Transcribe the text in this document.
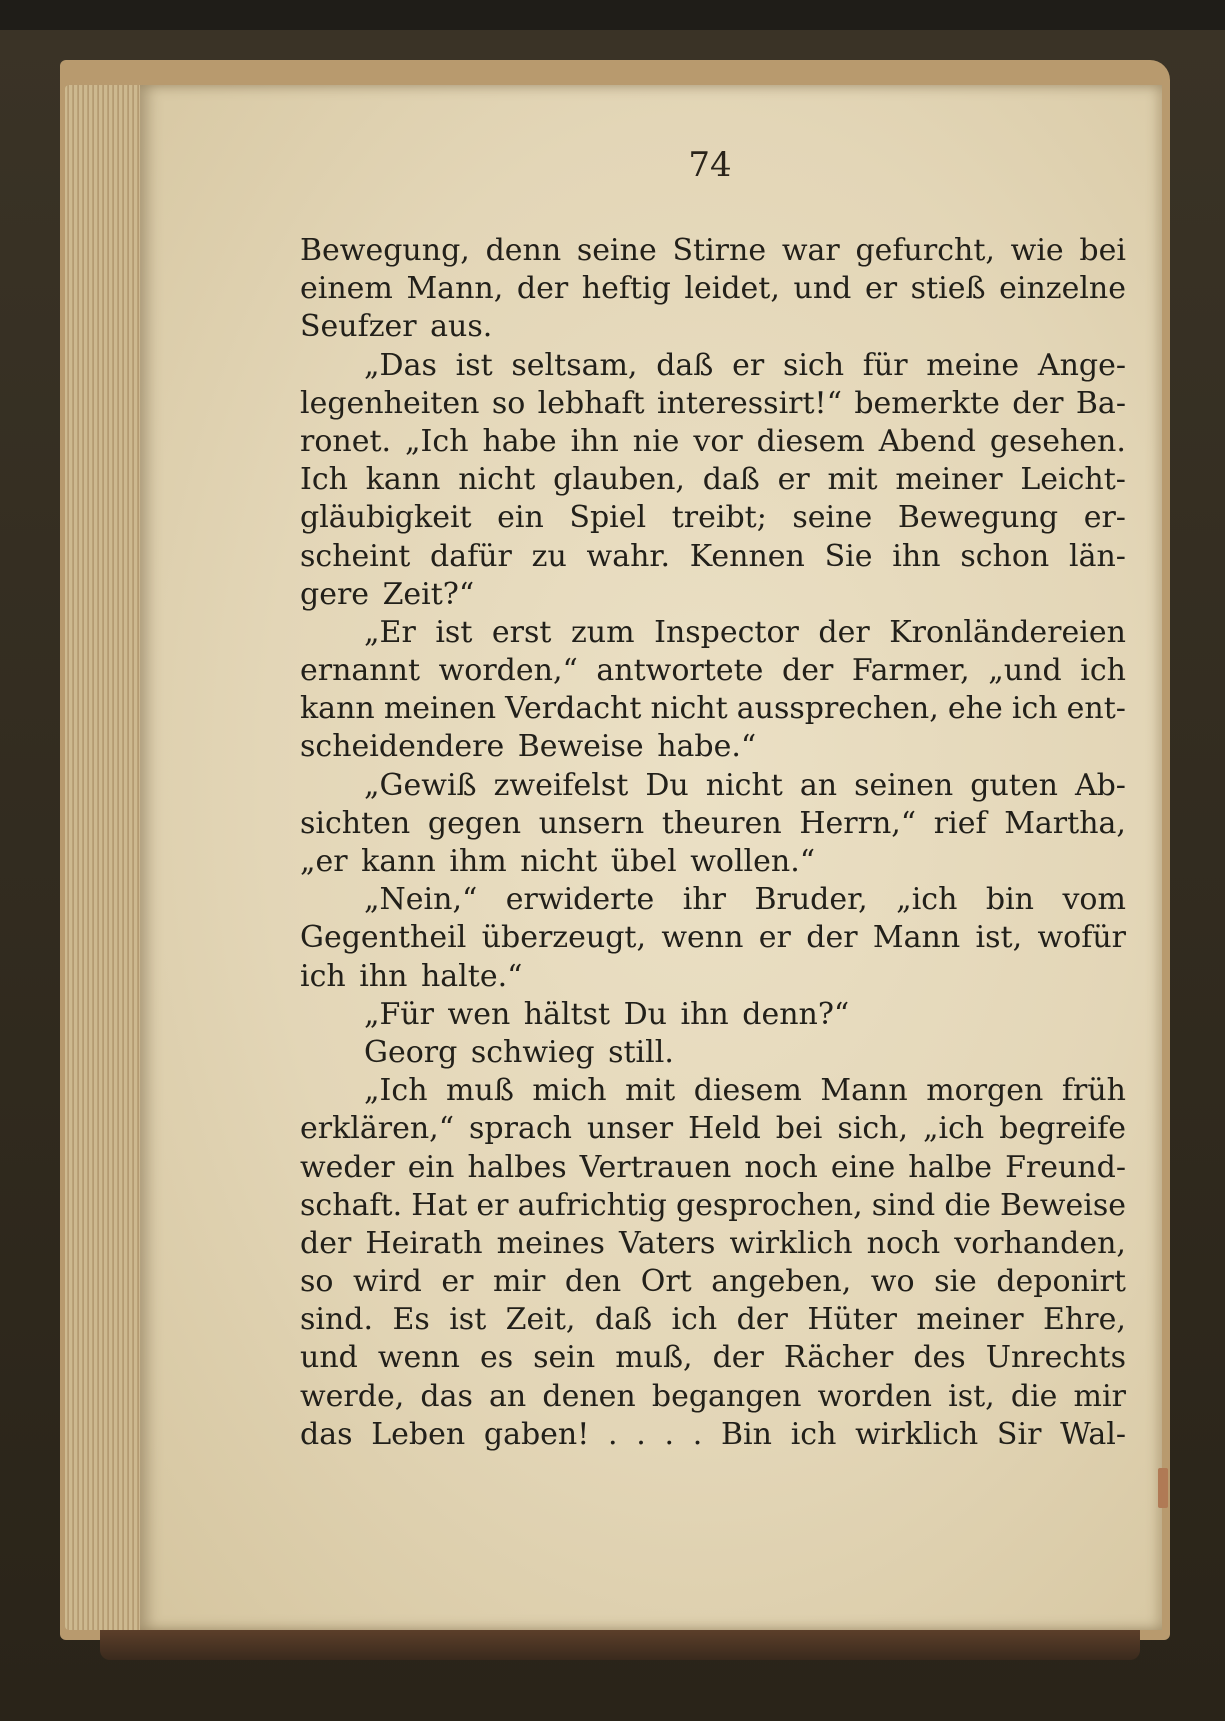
74
Bewegung, denn seine Stirne war gefurcht, wie bei
einem Mann, der heftig leidet, und er stieß einzelne
Seufzer aus.
„Das ist seltsam, daß er sich für meine Ange-
legenheiten so lebhaft interessirt!“ bemerkte der Ba-
ronet. „Ich habe ihn nie vor diesem Abend gesehen.
Ich kann nicht glauben, daß er mit meiner Leicht-
gläubigkeit ein Spiel treibt; seine Bewegung er-
scheint dafür zu wahr. Kennen Sie ihn schon län-
gere Zeit?“
„Er ist erst zum Inspector der Kronländereien
ernannt worden,“ antwortete der Farmer, „und ich
kann meinen Verdacht nicht aussprechen, ehe ich ent-
scheidendere Beweise habe.“
„Gewiß zweifelst Du nicht an seinen guten Ab-
sichten gegen unsern theuren Herrn,“ rief Martha,
„er kann ihm nicht übel wollen.“
„Nein,“ erwiderte ihr Bruder, „ich bin vom
Gegentheil überzeugt, wenn er der Mann ist, wofür
ich ihn halte.“
„Für wen hältst Du ihn denn?“
Georg schwieg still.
„Ich muß mich mit diesem Mann morgen früh
erklären,“ sprach unser Held bei sich, „ich begreife
weder ein halbes Vertrauen noch eine halbe Freund-
schaft. Hat er aufrichtig gesprochen, sind die Beweise
der Heirath meines Vaters wirklich noch vorhanden,
so wird er mir den Ort angeben, wo sie deponirt
sind. Es ist Zeit, daß ich der Hüter meiner Ehre,
und wenn es sein muß, der Rächer des Unrechts
werde, das an denen begangen worden ist, die mir
das Leben gaben! . . . . Bin ich wirklich Sir Wal-
